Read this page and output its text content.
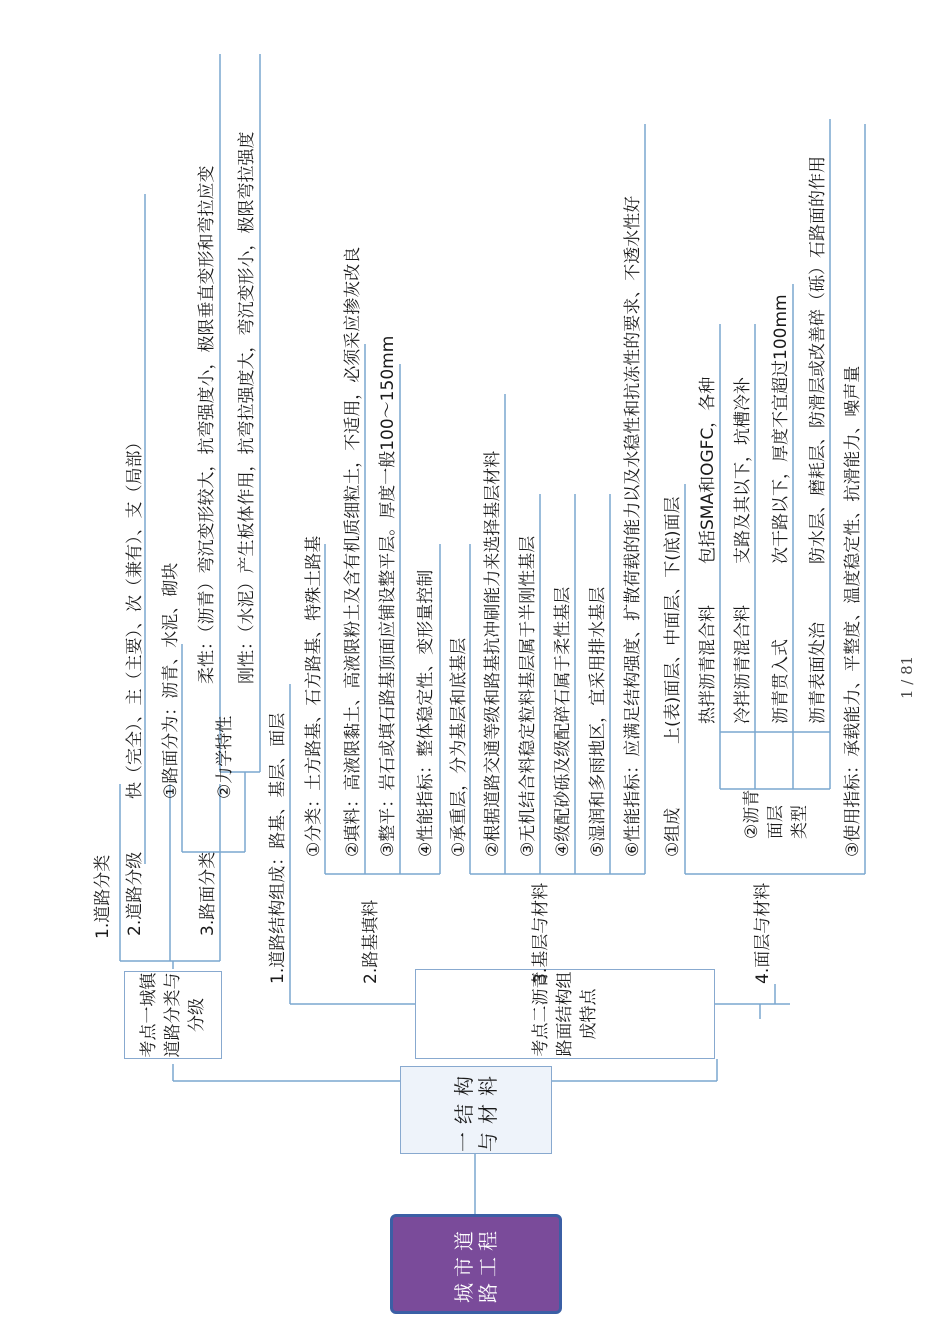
城市道路工程
一结构与材料
考点一城镇道路分类与分级	考点二沥青路面结构组成特点
1.道路分类 2.道路分级
快（完全）、主（主要）、次（兼有）、支（局部）
3.路面分类
①路面分为：沥青、水泥、砌块 ②力学特性
柔性：（沥青）弯沉变形较大，抗弯强度小，极限垂直变形和弯拉应变 刚性：（水泥）产生板体作用，抗弯拉强度大，弯沉变形小，极限弯拉强度
1.道路结构组成：路基、基层、面层	2.路基填料
①分类：土方路基、石方路基、特殊土路基 ②填料：高液限黏土、高液限粉土及含有机质细粒土，不适用，必须采应掺灰改良 ③整平：岩石或填石路基顶面应铺设整平层。厚度一般100～150mm ④性能指标：整体稳定性、变形量控制
3.基层与材料
①承重层，分为基层和底基层 ②根据道路交通等级和路基抗冲刷能力来选择基层材料 ③无机结合料稳定粒料基层属于半刚性基层 ④级配砂砾及级配碎石属于柔性基层 ⑤湿润和多雨地区，宜采用排水基层 ⑥性能指标：应满足结构强度、扩散荷载的能力以及水稳性和抗冻性的要求、不透水性好
4.面层与材料
①组成
上(表)面层、中面层、下(底)面层
②沥青面层类型
热拌沥青混合料
包括SMA和OGFC，各种
冷拌沥青混合料
支路及其以下，坑槽冷补
沥青贯入式
次干路以下，厚度不宜超过100mm
沥青表面处治
防水层、磨耗层、防滑层或改善碎（砾）石路面的作用
③使用指标：承载能力、平整度、温度稳定性、抗滑能力、噪声量 1 / 81
